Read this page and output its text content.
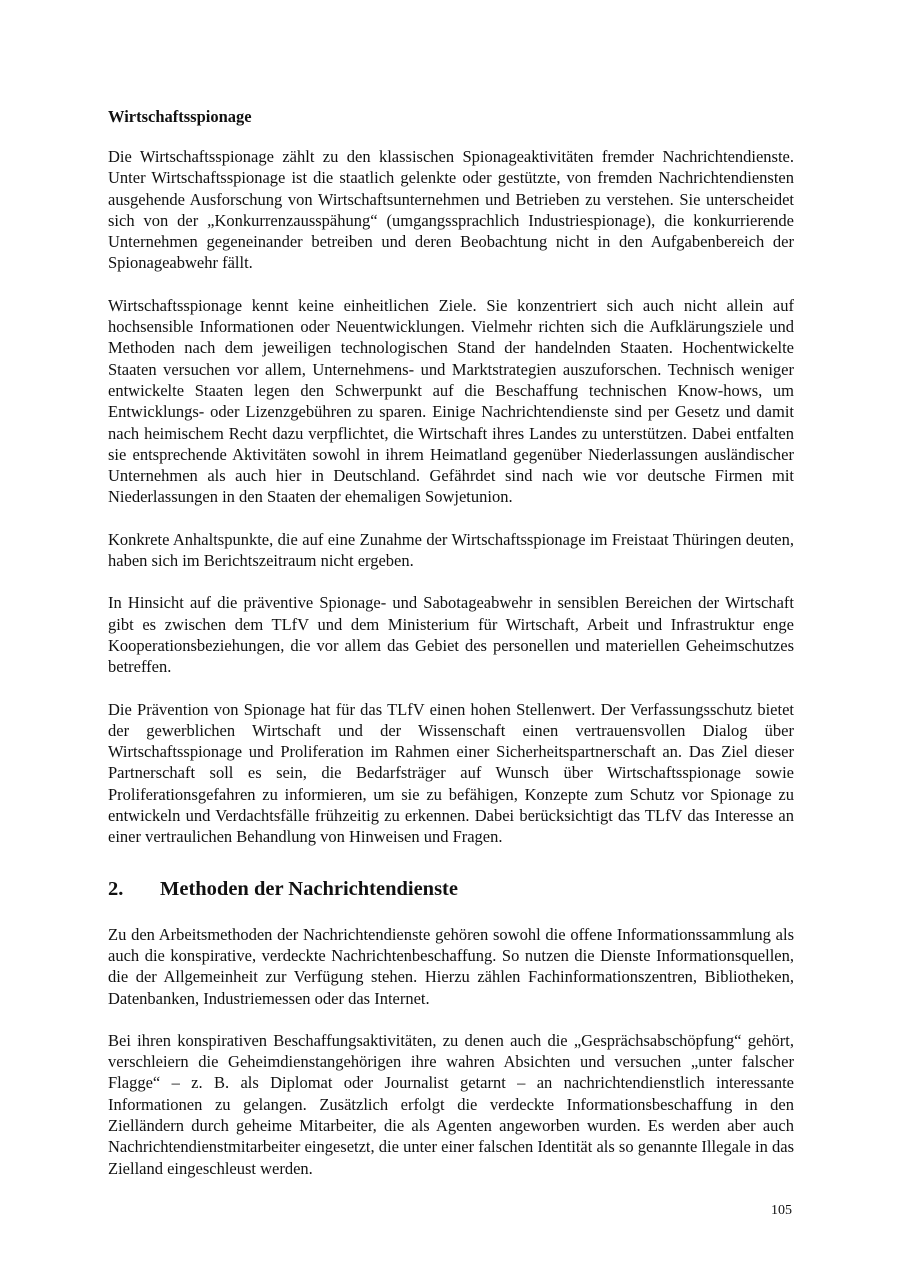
Wirtschaftsspionage

Die Wirtschaftsspionage zählt zu den klassischen Spionageaktivitäten fremder Nachrichtendienste. Unter Wirtschaftsspionage ist die staatlich gelenkte oder gestützte, von fremden Nachrichtendiensten ausgehende Ausforschung von Wirtschaftsunternehmen und Betrieben zu verstehen. Sie unterscheidet sich von der „Konkurrenzausspähung“ (umgangssprachlich Industriespionage), die konkurrierende Unternehmen gegeneinander betreiben und deren Beobachtung nicht in den Aufgabenbereich der Spionageabwehr fällt.

Wirtschaftsspionage kennt keine einheitlichen Ziele. Sie konzentriert sich auch nicht allein auf hochsensible Informationen oder Neuentwicklungen. Vielmehr richten sich die Aufklärungsziele und Methoden nach dem jeweiligen technologischen Stand der handelnden Staaten. Hochentwickelte Staaten versuchen vor allem, Unternehmens- und Marktstrategien auszuforschen. Technisch weniger entwickelte Staaten legen den Schwerpunkt auf die Beschaffung technischen Know-hows, um Entwicklungs- oder Lizenzgebühren zu sparen. Einige Nachrichtendienste sind per Gesetz und damit nach heimischem Recht dazu verpflichtet, die Wirtschaft ihres Landes zu unterstützen. Dabei entfalten sie entsprechende Aktivitäten sowohl in ihrem Heimatland gegenüber Niederlassungen ausländischer Unternehmen als auch hier in Deutschland. Gefährdet sind nach wie vor deutsche Firmen mit Niederlassungen in den Staaten der ehemaligen Sowjetunion.

Konkrete Anhaltspunkte, die auf eine Zunahme der Wirtschaftsspionage im Freistaat Thüringen deuten, haben sich im Berichtszeitraum nicht ergeben.

In Hinsicht auf die präventive Spionage- und Sabotageabwehr in sensiblen Bereichen der Wirtschaft gibt es zwischen dem TLfV und dem Ministerium für Wirtschaft, Arbeit und Infrastruktur enge Kooperationsbeziehungen, die vor allem das Gebiet des personellen und materiellen Geheimschutzes betreffen.

Die Prävention von Spionage hat für das TLfV einen hohen Stellenwert. Der Verfassungsschutz bietet der gewerblichen Wirtschaft und der Wissenschaft einen vertrauensvollen Dialog über Wirtschaftsspionage und Proliferation im Rahmen einer Sicherheitspartnerschaft an. Das Ziel dieser Partnerschaft soll es sein, die Bedarfsträger auf Wunsch über Wirtschaftsspionage sowie Proliferationsgefahren zu informieren, um sie zu befähigen, Konzepte zum Schutz vor Spionage zu entwickeln und Verdachtsfälle frühzeitig zu erkennen. Dabei berücksichtigt das TLfV das Interesse an einer vertraulichen Behandlung von Hinweisen und Fragen.

2.	Methoden der Nachrichtendienste

Zu den Arbeitsmethoden der Nachrichtendienste gehören sowohl die offene Informationssammlung als auch die konspirative, verdeckte Nachrichtenbeschaffung. So nutzen die Dienste Informationsquellen, die der Allgemeinheit zur Verfügung stehen. Hierzu zählen Fachinformationszentren, Bibliotheken, Datenbanken, Industriemessen oder das Internet.

Bei ihren konspirativen Beschaffungsaktivitäten, zu denen auch die „Gesprächsabschöpfung“ gehört, verschleiern die Geheimdienstangehörigen ihre wahren Absichten und versuchen „unter falscher Flagge“ – z. B. als Diplomat oder Journalist getarnt – an nachrichtendienstlich interessante Informationen zu gelangen. Zusätzlich erfolgt die verdeckte Informationsbeschaffung in den Zielländern durch geheime Mitarbeiter, die als Agenten angeworben wurden. Es werden aber auch Nachrichtendienstmitarbeiter eingesetzt, die unter einer falschen Identität als so genannte Illegale in das Zielland eingeschleust werden.

105
